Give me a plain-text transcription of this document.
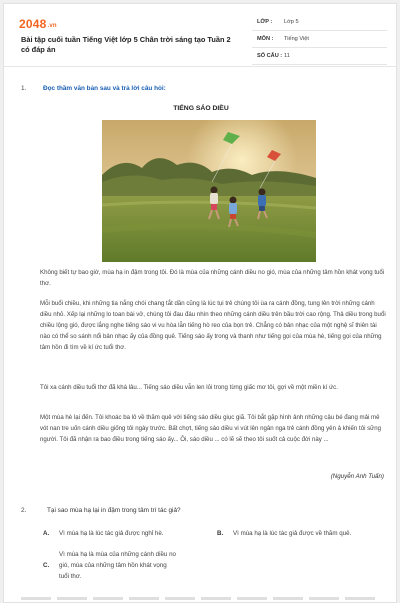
2048.vn
Bài tập cuối tuần Tiếng Việt lớp 5 Chân trời sáng tạo Tuần 2 có đáp án
LỚP : Lớp 5
MÔN : Tiếng Việt
SỐ CÂU : 11
1.	Đọc thầm văn bản sau và trả lời câu hỏi:
TIẾNG SÁO DIỀU
Không biết tự bao giờ, mùa hạ in đậm trong tôi. Đó là mùa của những cánh diều no gió, mùa của những tâm hồn khát vọng tuổi thơ.
Mỗi buổi chiều, khi những tia nắng chói chang tắt dần cũng là lúc tụi trẻ chúng tôi ùa ra cánh đồng, tung lên trời những cánh diều nhỏ. Xếp lại những lo toan bài vở, chúng tôi đau đáu nhìn theo những cánh diều trên bầu trời cao rộng. Thả diều trong buổi chiều lộng gió, được lắng nghe tiếng sáo vi vu hòa lẫn tiếng hò reo của bọn trẻ. Chẳng có bản nhạc của một nghệ sĩ thiên tài nào có thể so sánh nổi bản nhạc ấy của đồng quê. Tiếng sáo ấy trong và thanh như tiếng gọi của mùa hè, tiếng gọi của những tâm hồn đi tìm về kí ức tuổi thơ.
Tôi xa cánh diều tuổi thơ đã khá lâu... Tiếng sáo diều vẫn len lỏi trong từng giấc mơ tôi, gợi về một miền kí ức.
Một mùa hè lại đến. Tôi khoác ba lô về thăm quê với tiếng sáo diều giục giã. Tôi bắt gặp hình ảnh những cậu bé đang mải mê vót nan tre uốn cánh diều giống tôi ngày trước. Bất chợt, tiếng sáo diều vi vút lên ngân nga trẻ cánh đồng yên ả khiến tôi sững người. Tôi đã nhận ra bao điều trong tiếng sáo ấy... Ôi, sáo diều ... có lẽ sẽ theo tôi suốt cả cuộc đời này ...
(Nguyễn Anh Tuấn)
2.	Tại sao mùa hạ lại in đậm trong tâm trí tác giả?
A. Vì mùa hạ là lúc tác giả được nghỉ hè.	B. Vì mùa hạ là lúc tác giả được về thăm quê.
C.
Vì mùa hạ là mùa của những cánh diều no
gió, mùa của những tâm hồn khát vọng
tuổi thơ.
